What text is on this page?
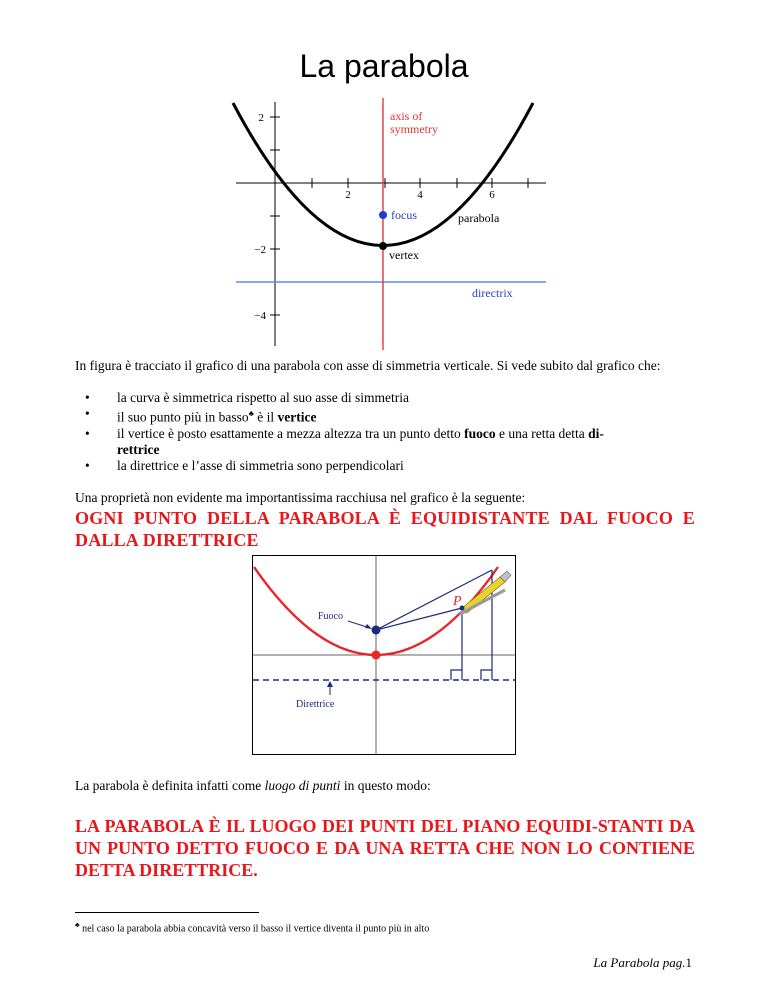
La parabola
2
−2
−4
2	4	6
axis of
symmetry
focus	parabola
vertex
directrix
In figura è tracciato il grafico di una parabola con asse di simmetria verticale. Si vede subito dal grafico che:
• la curva è simmetrica rispetto al suo asse di simmetria
• il suo punto più in basso♣ è il vertice
• il vertice è posto esattamente a mezza altezza tra un punto detto fuoco e una retta detta di-
rettrice
• la direttrice e l’asse di simmetria sono perpendicolari
Una proprietà non evidente ma importantissima racchiusa nel grafico è la seguente:
OGNI PUNTO DELLA PARABOLA È EQUIDISTANTE DAL FUOCO E DALLA DIRETTRICE
P
Fuoco
Direttrice
La parabola è definita infatti come luogo di punti in questo modo:
LA PARABOLA È IL LUOGO DEI PUNTI DEL PIANO EQUIDI-STANTI DA UN PUNTO DETTO FUOCO E DA UNA RETTA CHE NON LO CONTIENE DETTA DIRETTRICE.
♣ nel caso la parabola abbia concavità verso il basso il vertice diventa il punto più in alto
La Parabola pag.1
